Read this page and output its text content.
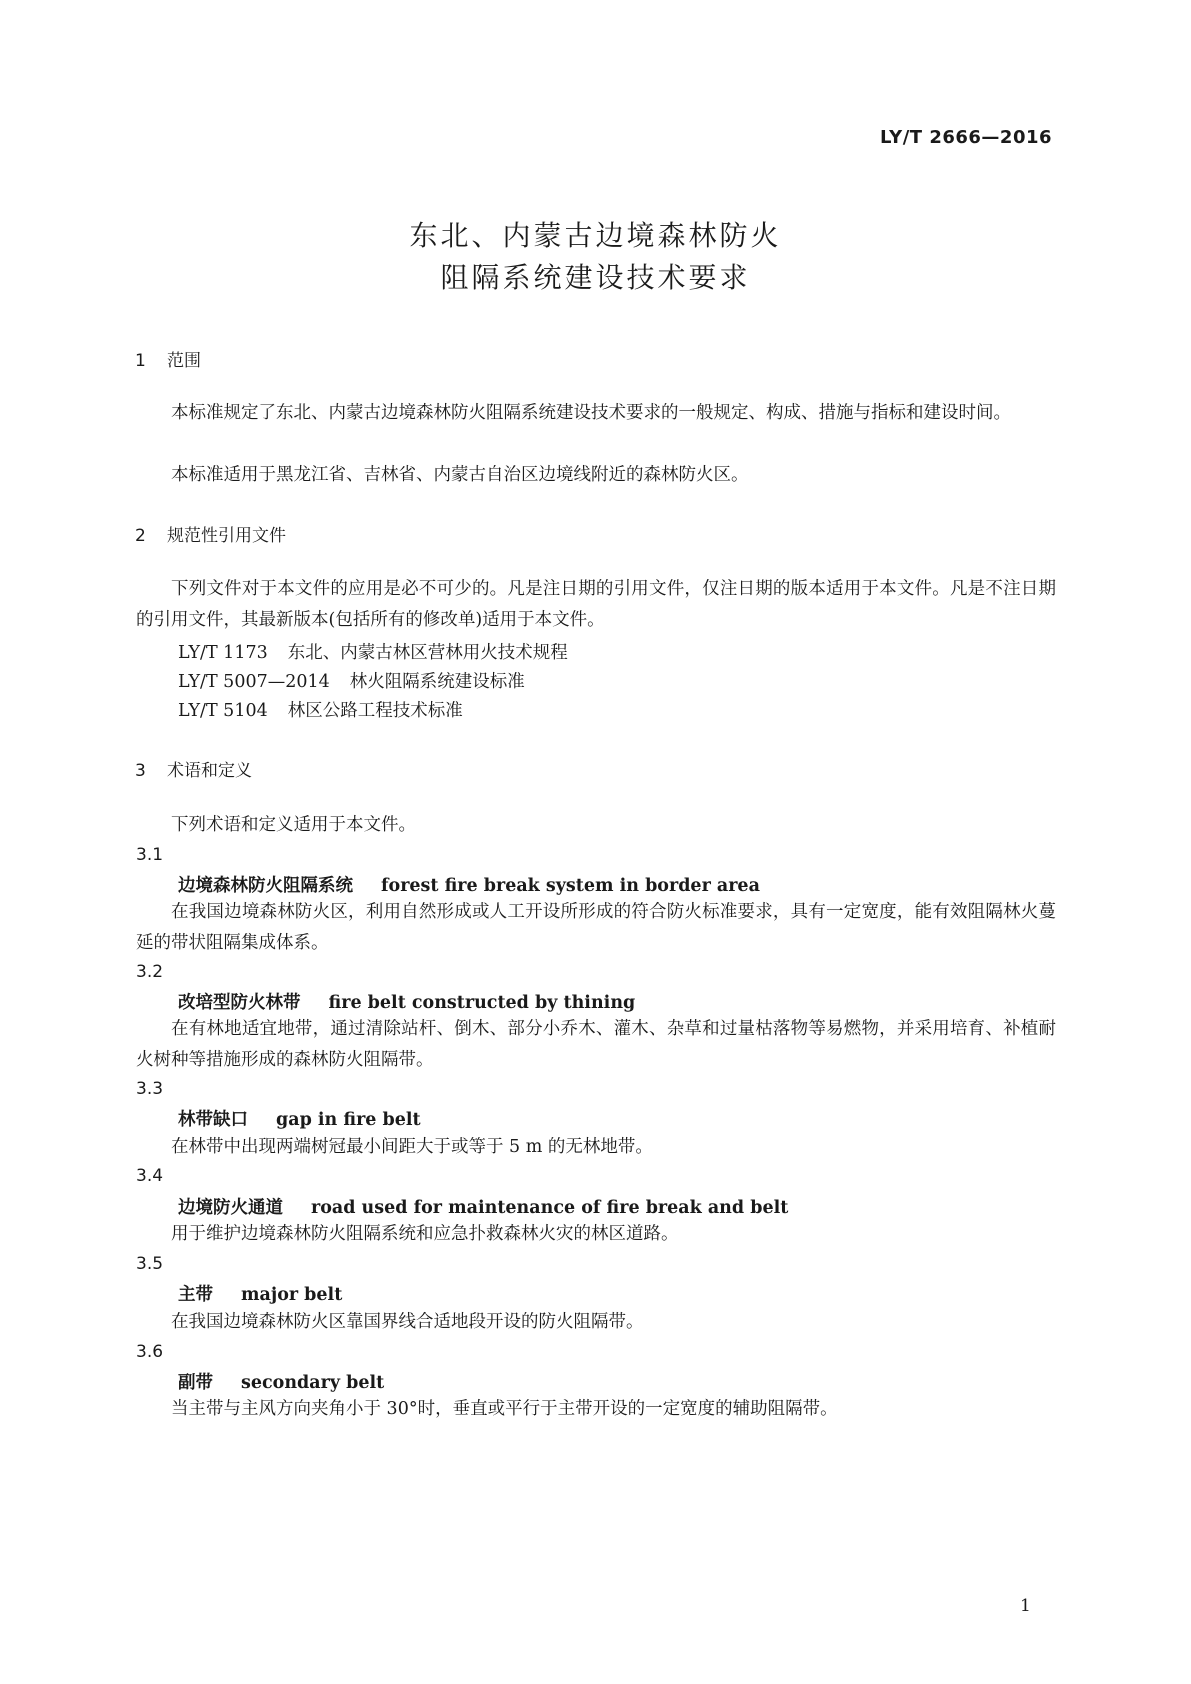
LY/T 2666—2016
东北、内蒙古边境森林防火
阻隔系统建设技术要求
1 范围
本标准规定了东北、内蒙古边境森林防火阻隔系统建设技术要求的一般规定、构成、措施与指标和建设时间。
本标准适用于黑龙江省、吉林省、内蒙古自治区边境线附近的森林防火区。
2 规范性引用文件
下列文件对于本文件的应用是必不可少的。凡是注日期的引用文件，仅注日期的版本适用于本文件。凡是不注日期的引用文件，其最新版本(包括所有的修改单)适用于本文件。
LY/T 1173 东北、内蒙古林区营林用火技术规程
LY/T 5007—2014 林火阻隔系统建设标准
LY/T 5104 林区公路工程技术标准
3 术语和定义
下列术语和定义适用于本文件。
3.1
边境森林防火阻隔系统 forest fire break system in border area
在我国边境森林防火区，利用自然形成或人工开设所形成的符合防火标准要求，具有一定宽度，能有效阻隔林火蔓延的带状阻隔集成体系。
3.2
改培型防火林带 fire belt constructed by thining
在有林地适宜地带，通过清除站杆、倒木、部分小乔木、灌木、杂草和过量枯落物等易燃物，并采用培育、补植耐火树种等措施形成的森林防火阻隔带。
3.3
林带缺口 gap in fire belt
在林带中出现两端树冠最小间距大于或等于 5 m 的无林地带。
3.4
边境防火通道 road used for maintenance of fire break and belt
用于维护边境森林防火阻隔系统和应急扑救森林火灾的林区道路。
3.5
主带 major belt
在我国边境森林防火区靠国界线合适地段开设的防火阻隔带。
3.6
副带 secondary belt
当主带与主风方向夹角小于 30°时，垂直或平行于主带开设的一定宽度的辅助阻隔带。
1
